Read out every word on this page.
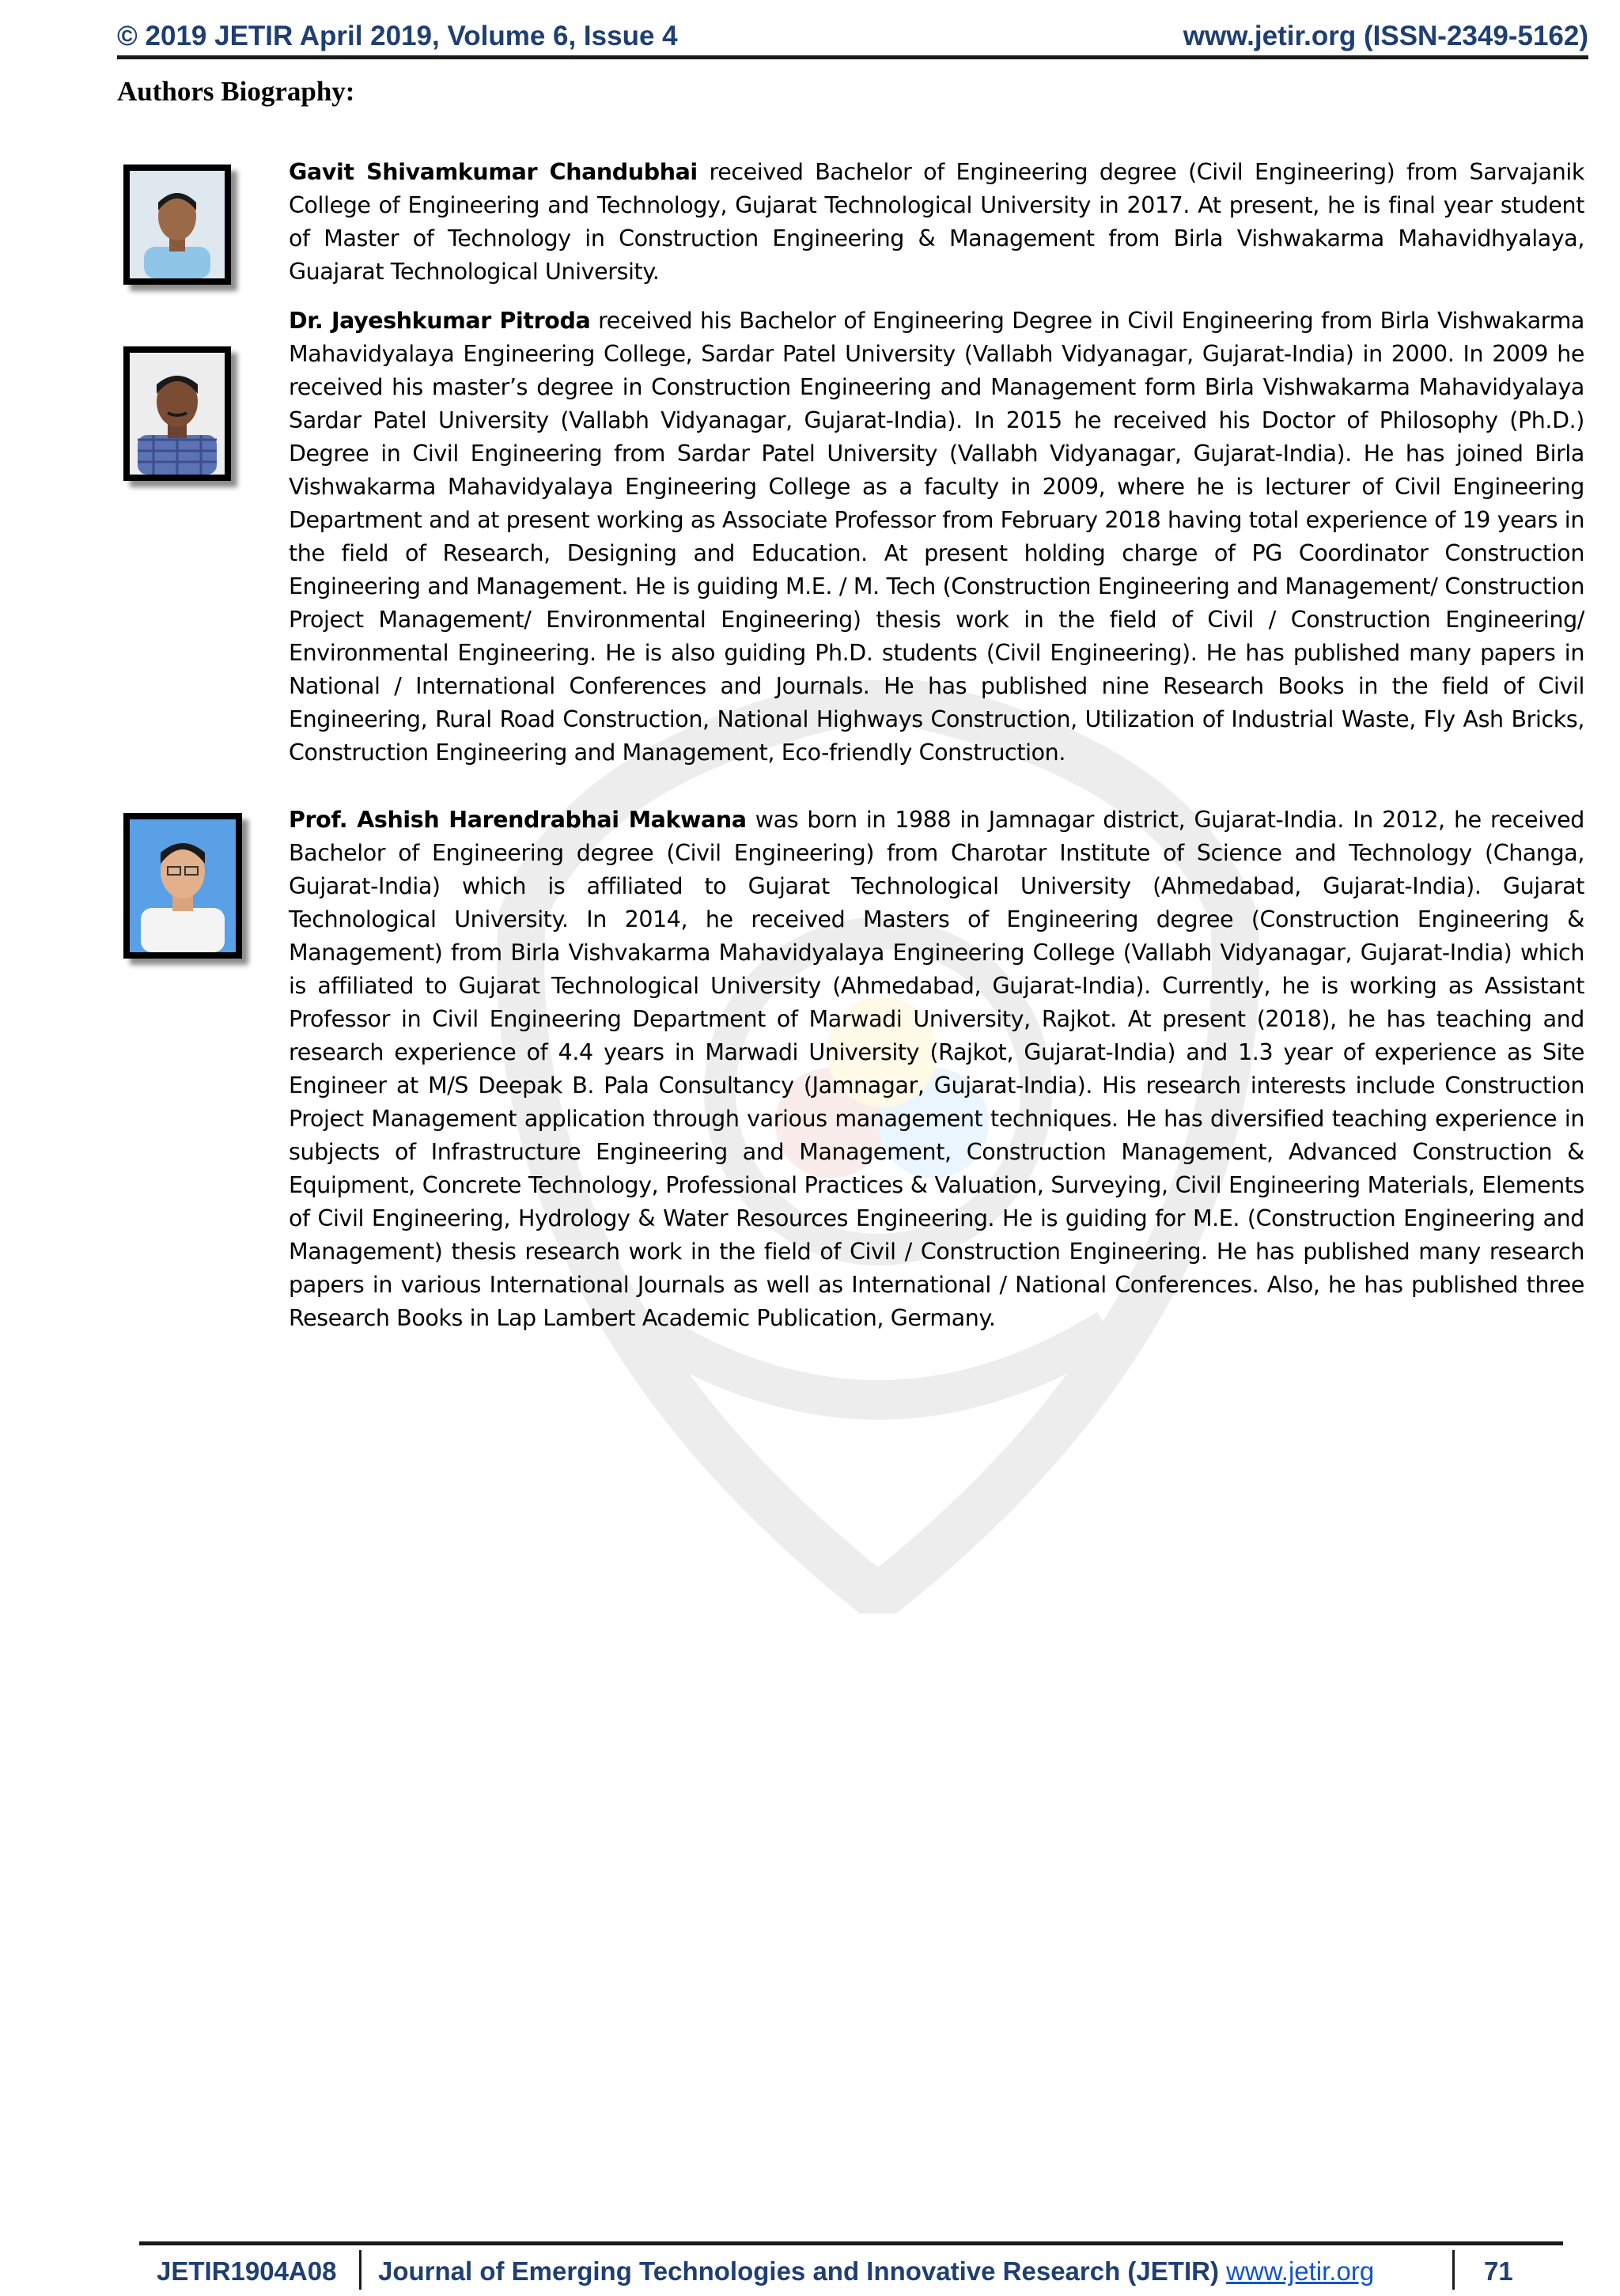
© 2019 JETIR April 2019, Volume 6, Issue 4	www.jetir.org (ISSN-2349-5162)
Authors Biography:

Gavit Shivamkumar Chandubhai received Bachelor of Engineering degree (Civil Engineering) from Sarvajanik College of Engineering and Technology, Gujarat Technological University in 2017. At present, he is final year student of Master of Technology in Construction Engineering & Management from Birla Vishwakarma Mahavidhyalaya, Guajarat Technological University.

Dr. Jayeshkumar Pitroda received his Bachelor of Engineering Degree in Civil Engineering from Birla Vishwakarma Mahavidyalaya Engineering College, Sardar Patel University (Vallabh Vidyanagar, Gujarat-India) in 2000. In 2009 he received his master’s degree in Construction Engineering and Management form Birla Vishwakarma Mahavidyalaya Sardar Patel University (Vallabh Vidyanagar, Gujarat-India). In 2015 he received his Doctor of Philosophy (Ph.D.) Degree in Civil Engineering from Sardar Patel University (Vallabh Vidyanagar, Gujarat-India). He has joined Birla Vishwakarma Mahavidyalaya Engineering College as a faculty in 2009, where he is lecturer of Civil Engineering Department and at present working as Associate Professor from February 2018 having total experience of 19 years in the field of Research, Designing and Education. At present holding charge of PG Coordinator Construction Engineering and Management. He is guiding M.E. / M. Tech (Construction Engineering and Management/ Construction Project Management/ Environmental Engineering) thesis work in the field of Civil / Construction Engineering/ Environmental Engineering. He is also guiding Ph.D. students (Civil Engineering). He has published many papers in National / International Conferences and Journals. He has published nine Research Books in the field of Civil Engineering, Rural Road Construction, National Highways Construction, Utilization of Industrial Waste, Fly Ash Bricks, Construction Engineering and Management, Eco-friendly Construction.

Prof. Ashish Harendrabhai Makwana was born in 1988 in Jamnagar district, Gujarat-India. In 2012, he received Bachelor of Engineering degree (Civil Engineering) from Charotar Institute of Science and Technology (Changa, Gujarat-India) which is affiliated to Gujarat Technological University (Ahmedabad, Gujarat-India). Gujarat Technological University. In 2014, he received Masters of Engineering degree (Construction Engineering & Management) from Birla Vishvakarma Mahavidyalaya Engineering College (Vallabh Vidyanagar, Gujarat-India) which is affiliated to Gujarat Technological University (Ahmedabad, Gujarat-India). Currently, he is working as Assistant Professor in Civil Engineering Department of Marwadi University, Rajkot. At present (2018), he has teaching and research experience of 4.4 years in Marwadi University (Rajkot, Gujarat-India) and 1.3 year of experience as Site Engineer at M/S Deepak B. Pala Consultancy (Jamnagar, Gujarat-India). His research interests include Construction Project Management application through various management techniques. He has diversified teaching experience in subjects of Infrastructure Engineering and Management, Construction Management, Advanced Construction & Equipment, Concrete Technology, Professional Practices & Valuation, Surveying, Civil Engineering Materials, Elements of Civil Engineering, Hydrology & Water Resources Engineering. He is guiding for M.E. (Construction Engineering and Management) thesis research work in the field of Civil / Construction Engineering. He has published many research papers in various International Journals as well as International / National Conferences. Also, he has published three Research Books in Lap Lambert Academic Publication, Germany.

JETIR1904A08 Journal of Emerging Technologies and Innovative Research (JETIR) www.jetir.org	71
